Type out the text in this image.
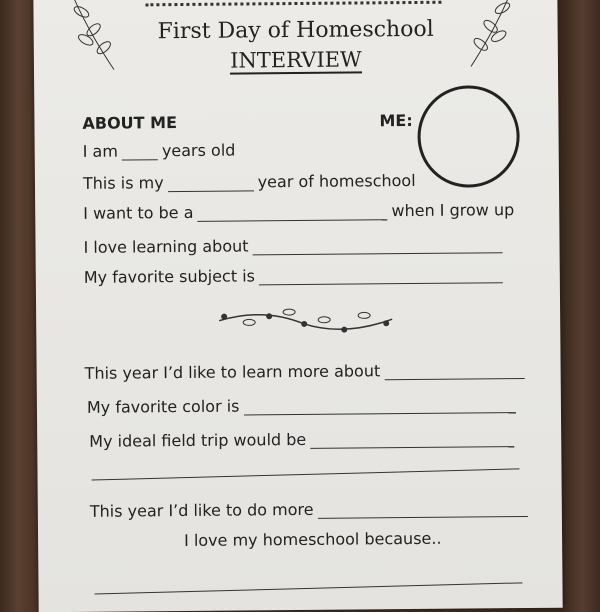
First Day of Homeschool
INTERVIEW
ABOUT ME	ME:
I am	years old
This is my	year of homeschool
I want to be a	when I grow up
I love learning about
My favorite subject is
This year I’d like to learn more about
My favorite color is
My ideal field trip would be
This year I’d like to do more
I love my homeschool because..
